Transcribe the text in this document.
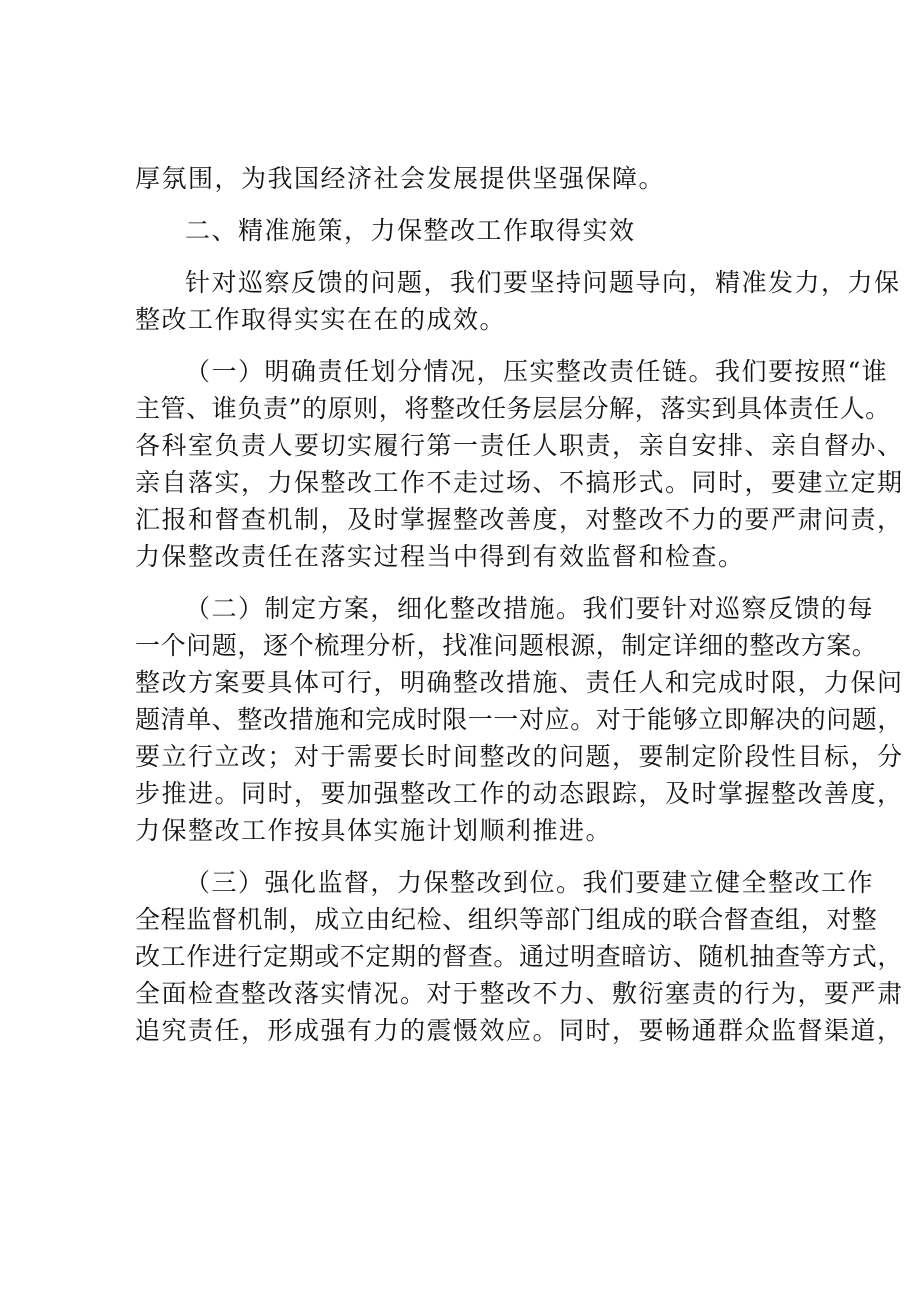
厚氛围，为我国经济社会发展提供坚强保障。
二、精准施策，力保整改工作取得实效
针对巡察反馈的问题，我们要坚持问题导向，精准发力，力保
整改工作取得实实在在的成效。
（一）明确责任划分情况，压实整改责任链。我们要按照“谁
主管、谁负责”的原则，将整改任务层层分解，落实到具体责任人。
各科室负责人要切实履行第一责任人职责，亲自安排、亲自督办、
亲自落实，力保整改工作不走过场、不搞形式。同时，要建立定期
汇报和督查机制，及时掌握整改善度，对整改不力的要严肃问责，
力保整改责任在落实过程当中得到有效监督和检查。
（二）制定方案，细化整改措施。我们要针对巡察反馈的每
一个问题，逐个梳理分析，找准问题根源，制定详细的整改方案。
整改方案要具体可行，明确整改措施、责任人和完成时限，力保问
题清单、整改措施和完成时限一一对应。对于能够立即解决的问题，
要立行立改；对于需要长时间整改的问题，要制定阶段性目标，分
步推进。同时，要加强整改工作的动态跟踪，及时掌握整改善度，
力保整改工作按具体实施计划顺利推进。
（三）强化监督，力保整改到位。我们要建立健全整改工作
全程监督机制，成立由纪检、组织等部门组成的联合督查组，对整
改工作进行定期或不定期的督查。通过明查暗访、随机抽查等方式，
全面检查整改落实情况。对于整改不力、敷衍塞责的行为，要严肃
追究责任，形成强有力的震慑效应。同时，要畅通群众监督渠道，
